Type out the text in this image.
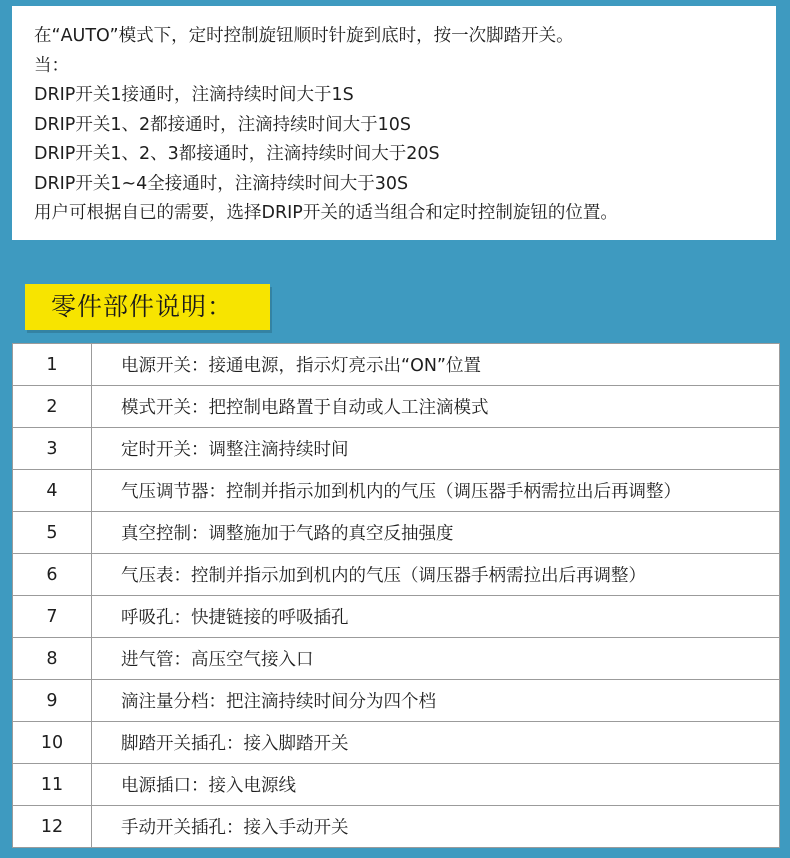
在“AUTO”模式下，定时控制旋钮顺时针旋到底时，按一次脚踏开关。
当：
DRIP开关1接通时，注滴持续时间大于1S
DRIP开关1、2都接通时，注滴持续时间大于10S
DRIP开关1、2、3都接通时，注滴持续时间大于20S
DRIP开关1~4全接通时，注滴持续时间大于30S
用户可根据自已的需要，选择DRIP开关的适当组合和定时控制旋钮的位置。
零件部件说明：
1	电源开关：接通电源，指示灯亮示出“ON”位置
2	模式开关：把控制电路置于自动或人工注滴模式
3	定时开关：调整注滴持续时间
4	气压调节器：控制并指示加到机内的气压（调压器手柄需拉出后再调整）
5	真空控制：调整施加于气路的真空反抽强度
6	气压表：控制并指示加到机内的气压（调压器手柄需拉出后再调整）
7	呼吸孔：快捷链接的呼吸插孔
8	进气管：高压空气接入口
9	滴注量分档：把注滴持续时间分为四个档
10	脚踏开关插孔：接入脚踏开关
11	电源插口：接入电源线
12	手动开关插孔：接入手动开关
